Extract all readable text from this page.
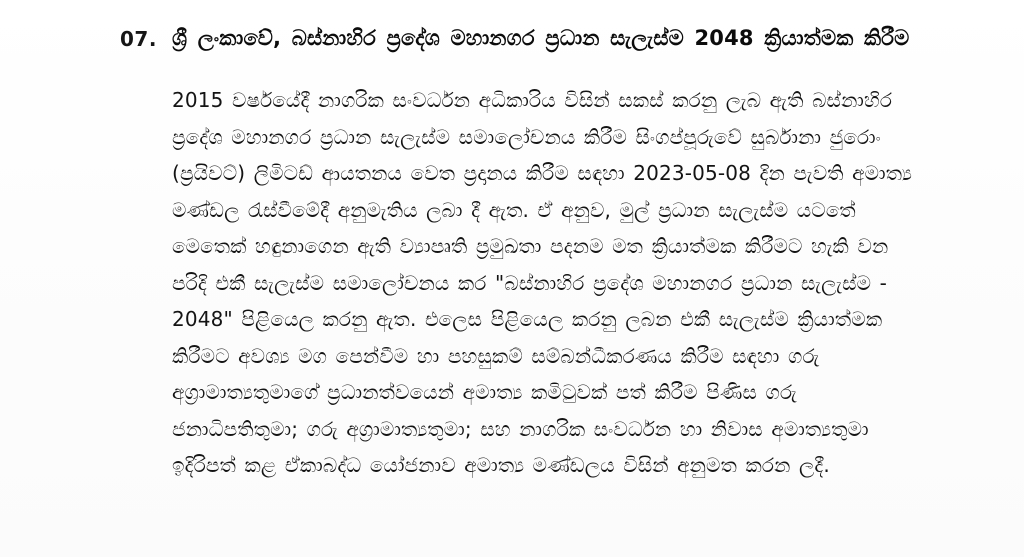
07. ශ්‍රී ලංකාවේ, බස්නාහිර ප්‍රදේශ මහානගර ප්‍රධාන සැලැස්ම 2048 ක්‍රියාත්මක කිරීම

2015 වර්ෂයේදී නාගරික සංවර්ධන අධිකාරිය විසින් සකස් කරනු ලැබ ඇති බස්නාහිර ප්‍රදේශ මහානගර ප්‍රධාන සැලැස්ම සමාලෝචනය කිරීම සිංගප්පූරුවේ සුර්බානා ජුරොං (ප්‍රයිවට්) ලිමිටඩ් ආයතනය වෙත ප්‍රදානය කිරීම සඳහා 2023-05-08 දින පැවති අමාත්‍ය මණ්ඩල රැස්වීමේදී අනුමැතිය ලබා දී ඇත. ඒ අනුව, මුල් ප්‍රධාන සැලැස්ම යටතේ මෙතෙක් හඳුනාගෙන ඇති ව්‍යාපෘති ප්‍රමුඛතා පදනම මත ක්‍රියාත්මක කිරීමට හැකි වන පරිදි එකී සැලැස්ම සමාලෝචනය කර "බස්නාහිර ප්‍රදේශ මහානගර ප්‍රධාන සැලැස්ම - 2048" පිළියෙල කරනු ඇත. එලෙස පිළියෙල කරනු ලබන එකී සැලැස්ම ක්‍රියාත්මක කිරීමට අවශ්‍ය මග පෙන්වීම හා පහසුකම් සම්බන්ධීකරණය කිරීම සඳහා ගරු අග්‍රාමාත්‍යතුමාගේ ප්‍රධානත්වයෙන් අමාත්‍ය කමිටුවක් පත් කිරීම පිණිස ගරු ජනාධිපතිතුමා; ගරු අග්‍රාමාත්‍යතුමා; සහ නාගරික සංවර්ධන හා නිවාස අමාත්‍යතුමා ඉදිරිපත් කළ ඒකාබද්ධ යෝජනාව අමාත්‍ය මණ්ඩලය විසින් අනුමත කරන ලදී.
